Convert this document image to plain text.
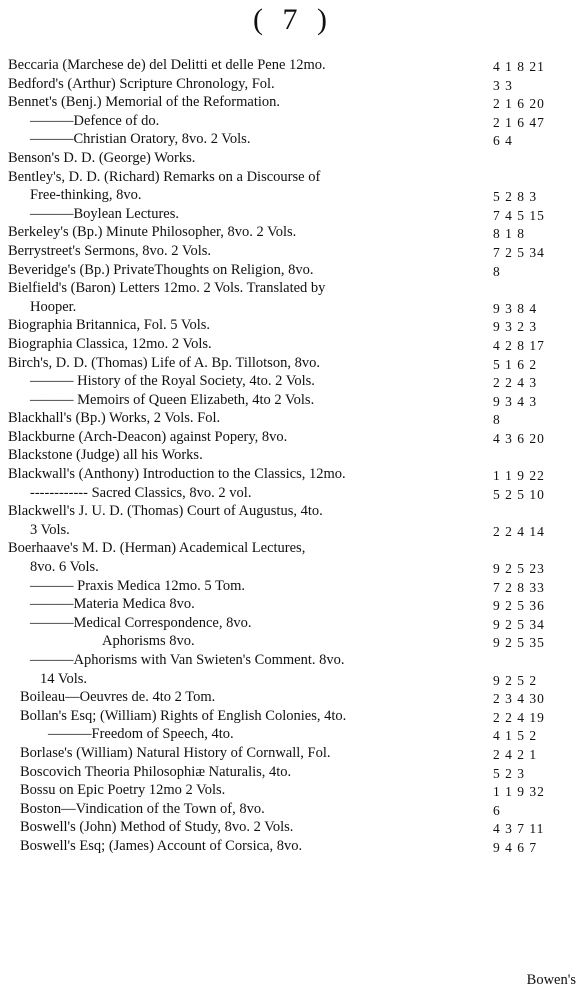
( 7 )
Beccaria (Marchese de) del Delitti et delle Pene 12mo.	4 1 8 21
Bedford's (Arthur) Scripture Chronology, Fol.	3 3
Bennet's (Benj.) Memorial of the Reformation.	2 1 6 20
———Defence of do.	2 1 6 47
———Christian Oratory, 8vo. 2 Vols.	6 4
Benson's D. D. (George) Works.
Bentley's, D. D. (Richard) Remarks on a Discourse of
Free-thinking, 8vo.	5 2 8 3
———Boylean Lectures.	7 4 5 15
Berkeley's (Bp.) Minute Philosopher, 8vo. 2 Vols.	8 1 8
Berrystreet's Sermons, 8vo. 2 Vols.	7 2 5 34
Beveridge's (Bp.) PrivateThoughts on Religion, 8vo.	8
Bielfield's (Baron) Letters 12mo. 2 Vols. Translated by
Hooper.	9 3 8 4
Biographia Britannica, Fol. 5 Vols.	9 3 2 3
Biographia Classica, 12mo. 2 Vols.	4 2 8 17
Birch's, D. D. (Thomas) Life of A. Bp. Tillotson, 8vo.	5 1 6 2
——— History of the Royal Society, 4to. 2 Vols.	2 2 4 3
——— Memoirs of Queen Elizabeth, 4to 2 Vols.	9 3 4 3
Blackhall's (Bp.) Works, 2 Vols. Fol.	8
Blackburne (Arch-Deacon) against Popery, 8vo.	4 3 6 20
Blackstone (Judge) all his Works.
Blackwall's (Anthony) Introduction to the Classics, 12mo.	1 1 9 22
------------ Sacred Classics, 8vo. 2 vol.	5 2 5 10
Blackwell's J. U. D. (Thomas) Court of Augustus, 4to.
3 Vols.	2 2 4 14
Boerhaave's M. D. (Herman) Academical Lectures,
8vo. 6 Vols.	9 2 5 23
——— Praxis Medica 12mo. 5 Tom.	7 2 8 33
———Materia Medica 8vo.	9 2 5 36
———Medical Correspondence, 8vo.	9 2 5 34
Aphorisms 8vo.	9 2 5 35
———Aphorisms with Van Swieten's Comment. 8vo.
14 Vols.	9 2 5 2
Boileau—Oeuvres de. 4to 2 Tom.	2 3 4 30
Bollan's Esq; (William) Rights of English Colonies, 4to.	2 2 4 19
———Freedom of Speech, 4to.	4 1 5 2
Borlase's (William) Natural History of Cornwall, Fol.	2 4 2 1
Boscovich Theoria Philosophiæ Naturalis, 4to.	5 2 3
Bossu on Epic Poetry 12mo 2 Vols.	1 1 9 32
Boston—Vindication of the Town of, 8vo.	6
Boswell's (John) Method of Study, 8vo. 2 Vols.	4 3 7 11
Boswell's Esq; (James) Account of Corsica, 8vo.	9 4 6 7
Bowen's
